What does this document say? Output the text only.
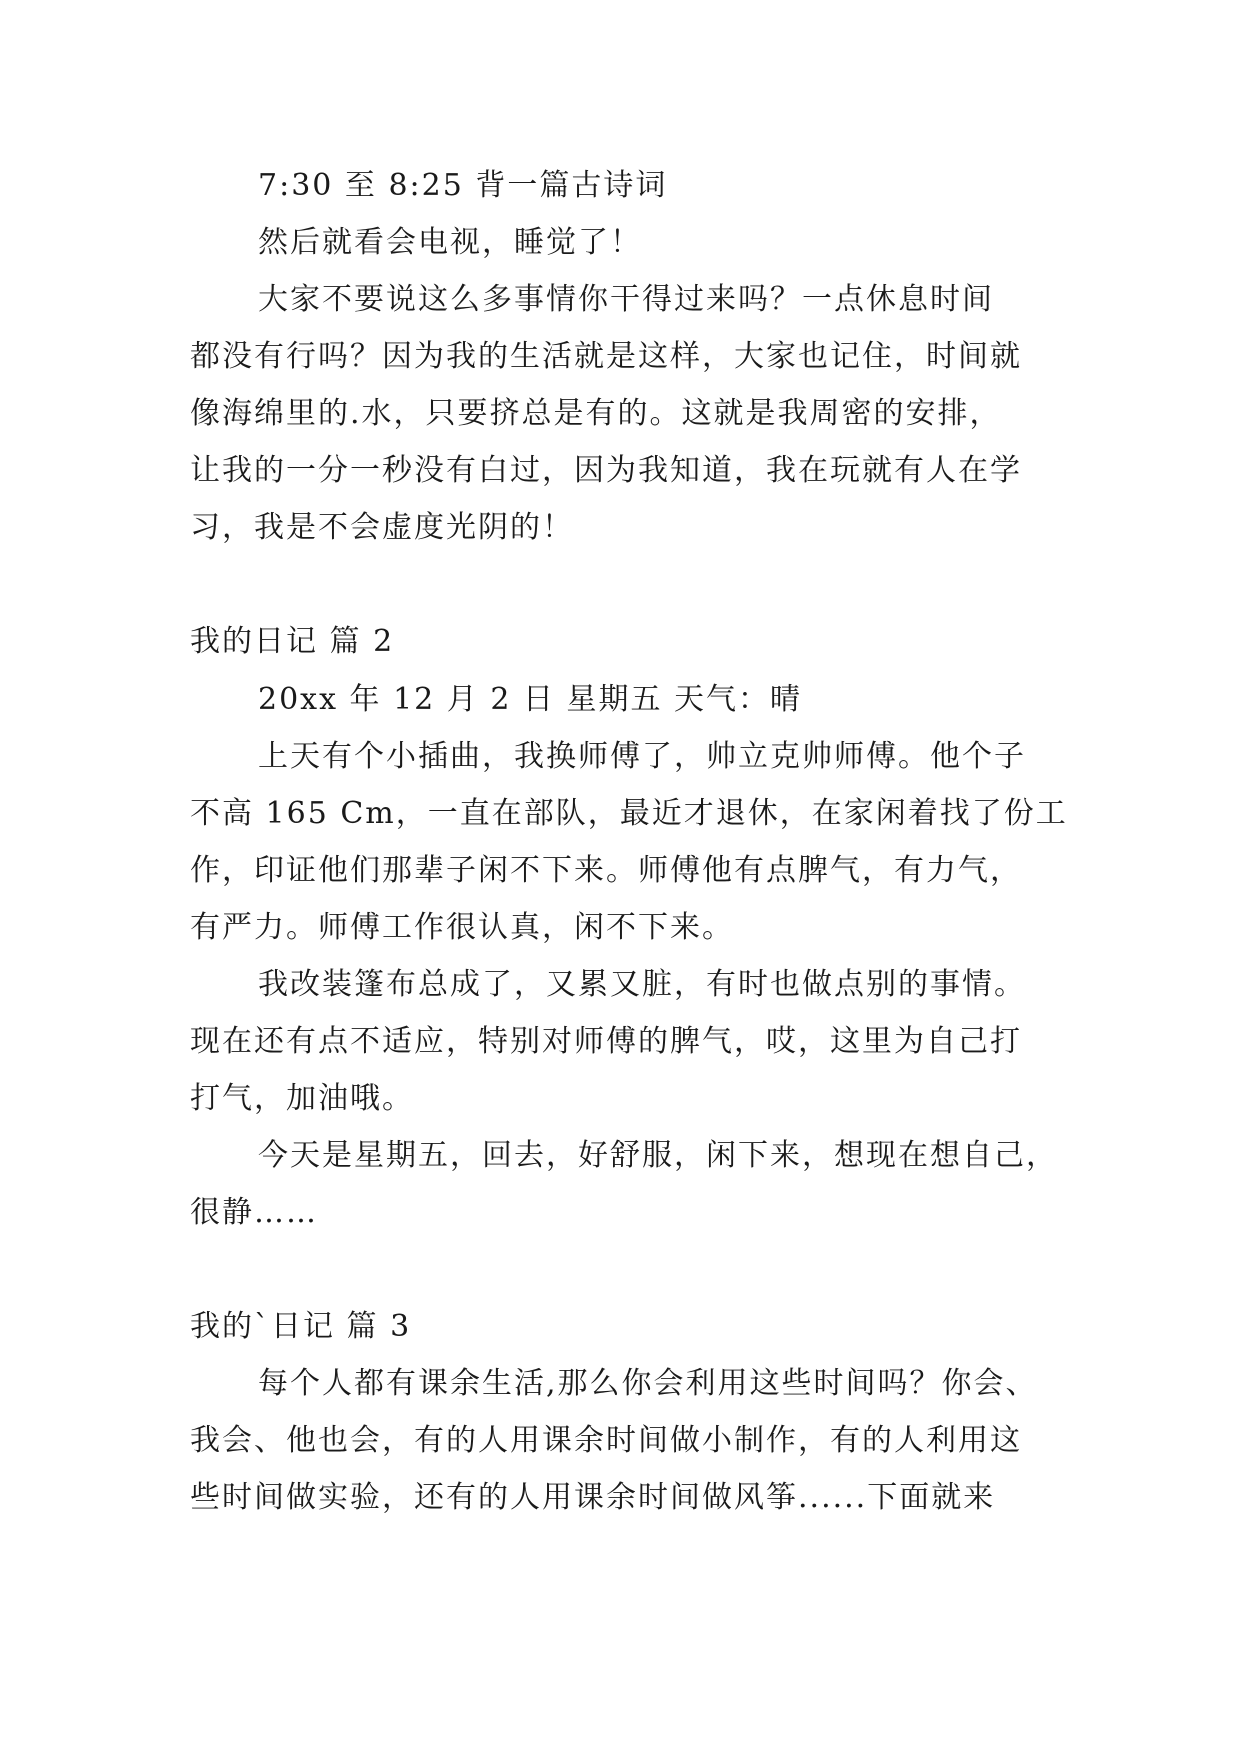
7:30 至 8:25 背一篇古诗词
然后就看会电视，睡觉了！
大家不要说这么多事情你干得过来吗？一点休息时间
都没有行吗？因为我的生活就是这样，大家也记住，时间就
像海绵里的.水，只要挤总是有的。这就是我周密的安排，
让我的一分一秒没有白过，因为我知道，我在玩就有人在学
习，我是不会虚度光阴的！
我的日记 篇 2
20xx 年 12 月 2 日 星期五 天气：晴
上天有个小插曲，我换师傅了，帅立克帅师傅。他个子
不高 165 Cm，一直在部队，最近才退休，在家闲着找了份工
作，印证他们那辈子闲不下来。师傅他有点脾气，有力气，
有严力。师傅工作很认真，闲不下来。
我改装篷布总成了，又累又脏，有时也做点别的事情。
现在还有点不适应，特别对师傅的脾气，哎，这里为自己打
打气，加油哦。
今天是星期五，回去，好舒服，闲下来，想现在想自己，
很静……
我的`日记 篇 3
每个人都有课余生活,那么你会利用这些时间吗？你会、
我会、他也会，有的人用课余时间做小制作，有的人利用这
些时间做实验，还有的人用课余时间做风筝......下面就来
